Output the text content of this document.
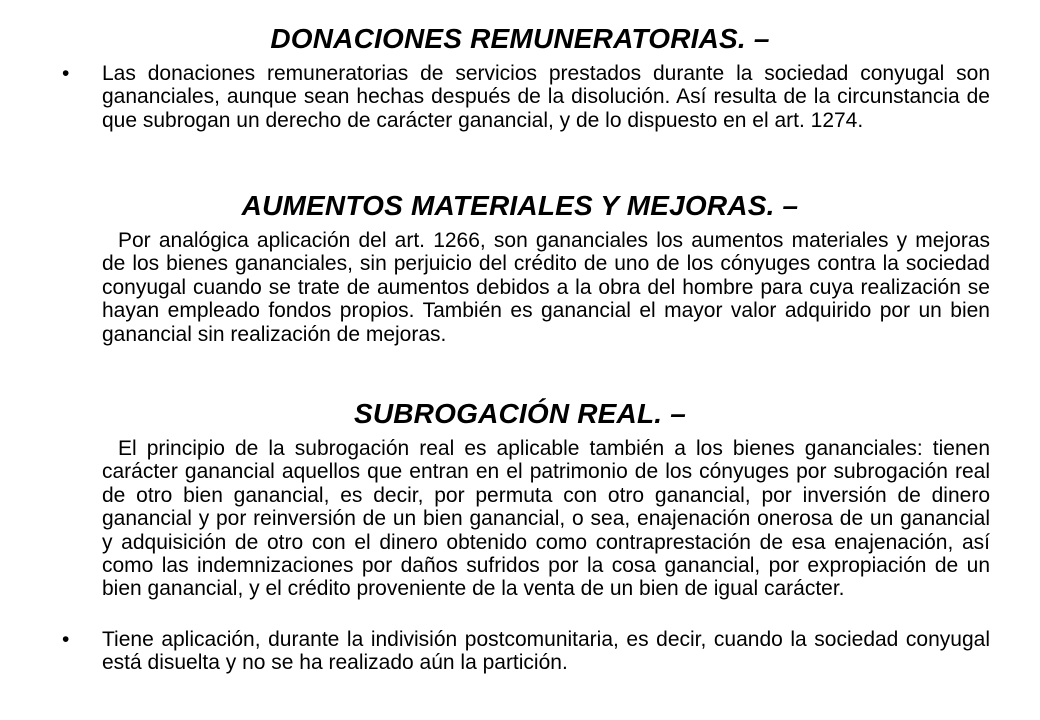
DONACIONES REMUNERATORIAS. –
• Las donaciones remuneratorias de servicios prestados durante la sociedad conyugal son gananciales, aunque sean hechas después de la disolución. Así resulta de la circunstancia de que subrogan un derecho de carácter ganancial, y de lo dispuesto en el art. 1274.

AUMENTOS MATERIALES Y MEJORAS. –

Por analógica aplicación del art. 1266, son gananciales los aumentos materiales y mejoras de los bienes gananciales, sin perjuicio del crédito de uno de los cónyuges contra la sociedad conyugal cuando se trate de aumentos debidos a la obra del hombre para cuya realización se hayan empleado fondos propios. También es ganancial el mayor valor adquirido por un bien ganancial sin realización de mejoras.

SUBROGACIÓN REAL. –

El principio de la subrogación real es aplicable también a los bienes gananciales: tienen carácter ganancial aquellos que entran en el patrimonio de los cónyuges por subrogación real de otro bien ganancial, es decir, por permuta con otro ganancial, por inversión de dinero ganancial y por reinversión de un bien ganancial, o sea, enajenación onerosa de un ganancial y adquisición de otro con el dinero obtenido como contraprestación de esa enajenación, así como las indemnizaciones por daños sufridos por la cosa ganancial, por expropiación de un bien ganancial, y el crédito proveniente de la venta de un bien de igual carácter.

• Tiene aplicación, durante la indivisión postcomunitaria, es decir, cuando la sociedad conyugal está disuelta y no se ha realizado aún la partición.
